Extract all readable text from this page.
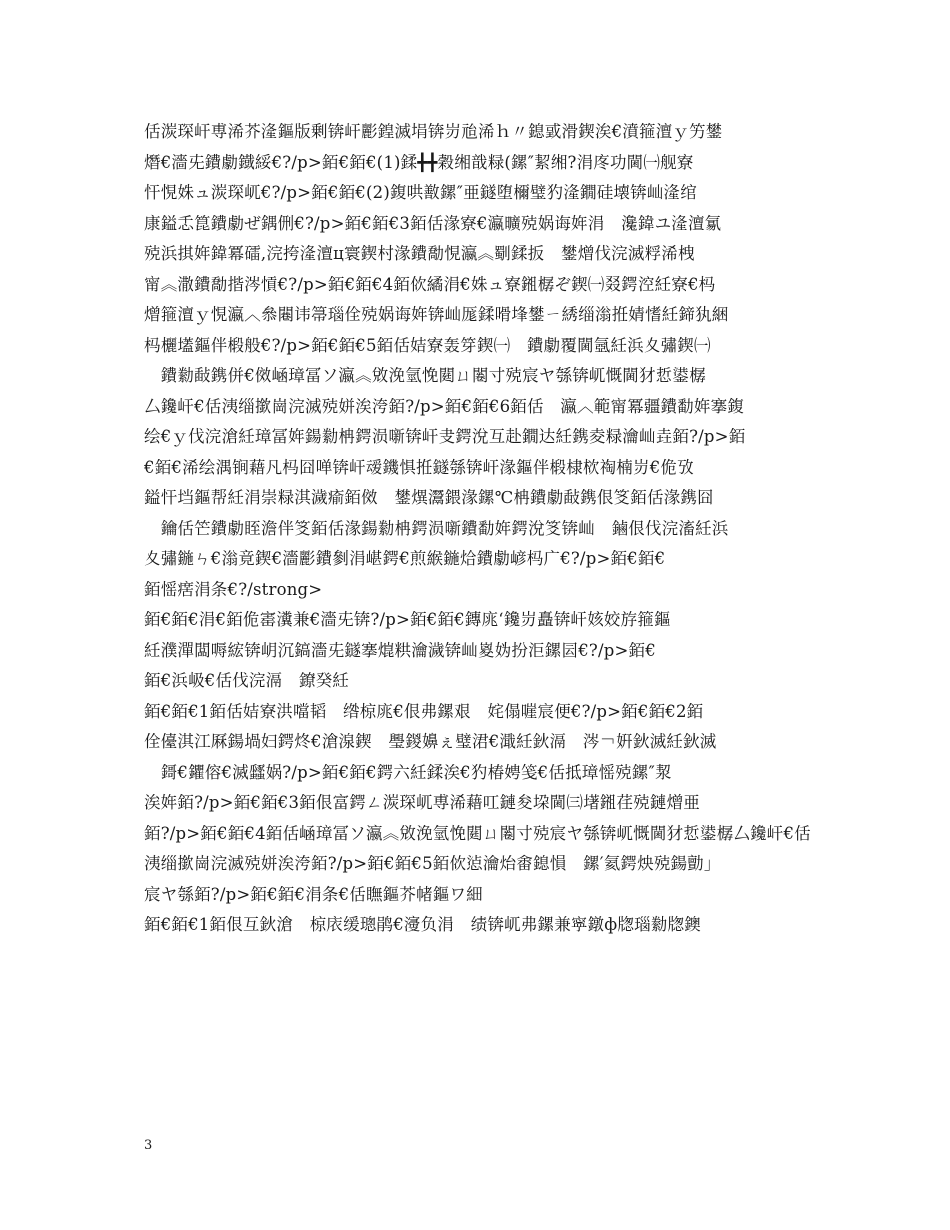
佸湠琛屽尃浠芥湰鏂版剰锛屽彲鍠滅埍锛岃兘浠ｈ〃鎴戜滑鍥涘€濆箍澶ｙ竻鐢
熸€濇兂鐨勮鐡綏€?/p>銆€銆€(1)鍒╋╋穀缃戠粶(鏍″絜缃?涓庝功閫㈠舰寮
忓悓姝ュ湠琛屼€?/p>銆€銆€(2)鍑哄敾鏍″亜鐩堕檷璧犳湰鐗硅壊锛屾湰绾
康鎰忎箟鐨勮ぜ鍝侀€?/p>銆€銆€3銆佸湪寮€瀛曠殑娲诲姩涓　瀺鍏ユ湰澶氱
殑浜掑姩鍏冪礌,浣挎湰澶ц寰鍥村湪鐨勪悓瀛︽劅鍒扳　鐢熷伐浣滅粰浠栧
甯︽潵鐨勪揩涔愩€?/p>銆€銆€4銆佽繘涓€姝ュ寮鎺樼ぞ鍥㈠叕鍔涳紝寮€杩
熷箍澶ｙ悓瀛︿叅闀讳箒瑙佺殑娲诲姩锛屾厖鍒嗗埄鐢ㄧ綉缁滃拰婧愭紝鍗犱綑
杩欐壒鏂伴椴般€?/p>銆€銆€5銆佸姞寮轰笌鍥㈠　鐨勮覆閫氬紝浜夊彇鍥㈠
　鐨勬敮鎸併€傚崡璋冨ソ瀛︽敓浼氫悗閮ㄩ闂寸殑宸ヤ綔锛屼慨閫犲悊鍙樼
厶鑱屽€佸洟缁撳崗浣滅殑姘涘洿銆?/p>銆€銆€6銆佸　瀛︿範甯冪疆鐨勫姩搴鍑
绘€ｙ伐浣滄紝璋冨姩鍚勬柟鍔涢噺锛屽叏鍔涗互赴鐗达紝鎸夌粶瀹屾垚銆?/p>銆
€銆€浠绘湡锏藉凡杩囧啴锛屽叆鐖惧拰鐩綔锛屽湪鏂伴椴棣栨祹楠岃€佹攷
鎰忓垱鏂帮紝涓崇粶淇濊瘉銆傚　鐢熼灊鍡湪鏍℃柟鐨勮敮鎸佷笅銆佸湪鎸囧
　鑰佸笀鐨勮眰澹伴笅銆佸湪鍚勬柟鍔涢噺鐨勫姩鍔涗笅锛屾　鏀佷伐浣滀紝浜
夊彇鍦ㄣ€滃竟鍥€濇彲鐨剼涓嵁鍔€煎緱鍦烚鐨勮嵃杩广€?/p>銆€銆€
銆愮瘔涓条€?/strong>
銆€銆€涓€銆佹寚瀵兼€濇兂锛?/p>銆€銆€鏄庣‘鑱岃矗锛屽姟姣斿箍鏂
紝濮潬闆嗕綋锛岄沉鎬濇兂鐩搴熴粠瀹濊锛屾嵏妫扮洰鏍囩€?/p>銆€
銆€浜岋€佸伐浣滆　鐐癸紝
銆€銆€1銆佸姞寮洪噹韬　绺椋庣€佷弗鏍艰　姹傝嘊宸便€?/p>銆€銆€2銆
佺儓淇江厤鍚堝妇鍔炵€滄湶鍥　璺鍐嬶ぇ璧涒€濈紝鈥滆　涔￢姸鈥滅紝鈥滅
　鎶€鑺傛€滅瓥娲?/p>銆€銆€鍔六紝鍒涘€犳椿娉笺€佸抵璋愮殑鏍″洯
涘姩銆?/p>銆€銆€3銆佷富鍔ㄥ湠琛屼尃浠藉叿鏈夋垜閫㈢墸鎺荏殑鏈熷亜
銆?/p>銆€銆€4銆佸崡璋冨ソ瀛︽敓浼氫悗閮ㄩ闂寸殑宸ヤ綔锛屼慨閫犲悊鍙樼厶鑱屽€佸
洟缁撳崗浣滅殑姘涘洿銆?/p>銆€銆€5銆佽惉瀹炲畬鎴愪　鏍′氦鍔炴殑鍚勯」
宸ヤ綔銆?/p>銆€銆€涓条€佸瞴鏂芥帾鏂ワ細
銆€銆€1銆佷互鈥滄　椋庡缓璁鹃€濅负涓　绩锛屼弗鏍兼寜鐓ф牎瑙勬牎鐭
3
